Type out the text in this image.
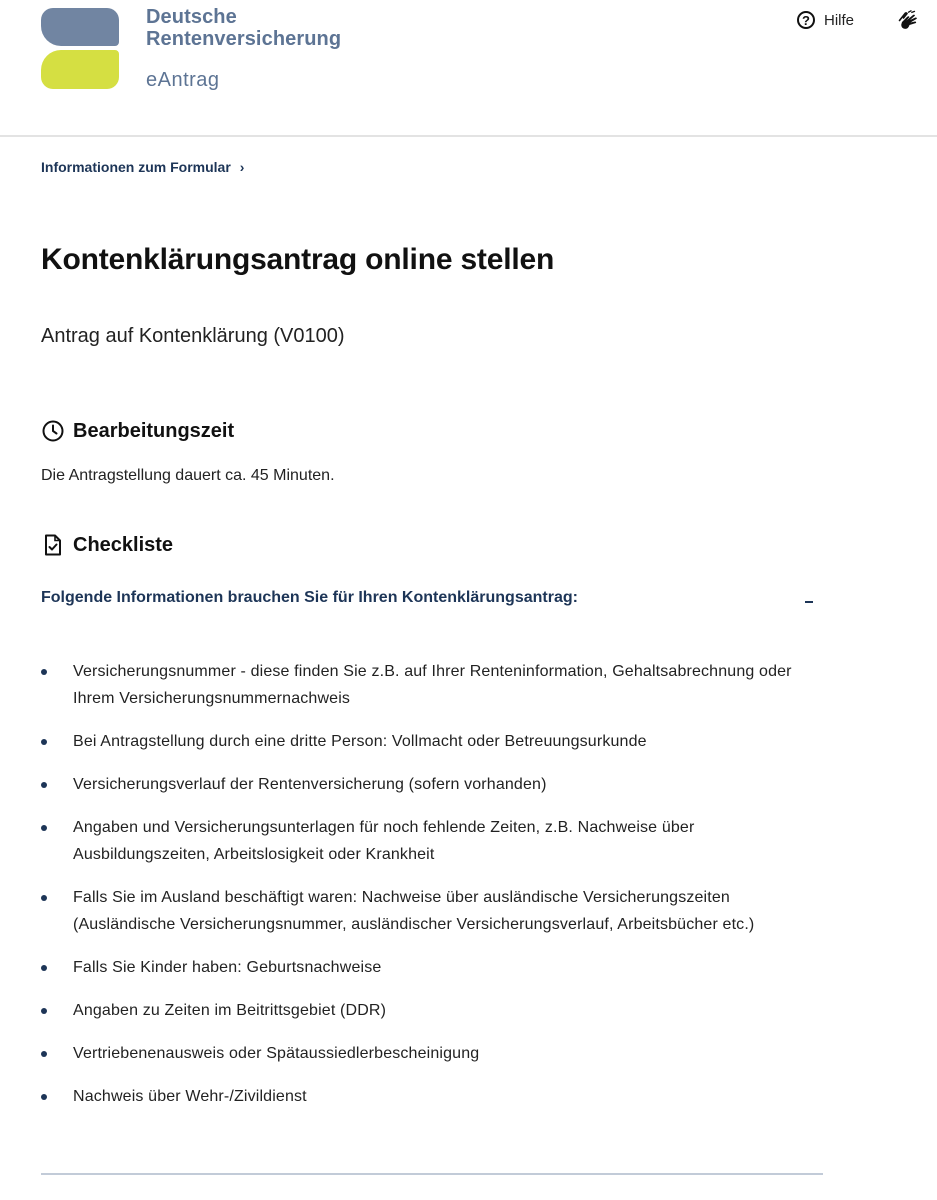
Deutsche
Rentenversicherung
eAntrag
? Hilfe
Informationen zum Formular ›
Kontenklärungsantrag online stellen
Antrag auf Kontenklärung (V0100)
Bearbeitungszeit
Die Antragstellung dauert ca. 45 Minuten.
Checkliste
Folgende Informationen brauchen Sie für Ihren Kontenklärungsantrag:
Versicherungsnummer - diese finden Sie z.B. auf Ihrer Renteninformation, Gehaltsabrechnung oder Ihrem Versicherungsnummernachweis
Bei Antragstellung durch eine dritte Person: Vollmacht oder Betreuungsurkunde
Versicherungsverlauf der Rentenversicherung (sofern vorhanden)
Angaben und Versicherungsunterlagen für noch fehlende Zeiten, z.B. Nachweise über Ausbildungszeiten, Arbeitslosigkeit oder Krankheit
Falls Sie im Ausland beschäftigt waren: Nachweise über ausländische Versicherungszeiten (Ausländische Versicherungsnummer, ausländischer Versicherungsverlauf, Arbeitsbücher etc.)
Falls Sie Kinder haben: Geburtsnachweise
Angaben zu Zeiten im Beitrittsgebiet (DDR)
Vertriebenenausweis oder Spätaussiedlerbescheinigung
Nachweis über Wehr-/Zivildienst
